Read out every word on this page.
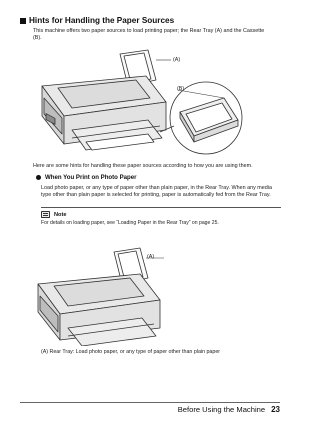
Hints for Handling the Paper Sources
This machine offers two paper sources to load printing paper; the Rear Tray (A) and the Cassette (B).
(A)
(B)
Here are some hints for handling these paper sources according to how you are using them.
When You Print on Photo Paper
Load photo paper, or any type of paper other than plain paper, in the Rear Tray. When any media type other than plain paper is selected for printing, paper is automatically fed from the Rear Tray.
Note
For details on loading paper, see “Loading Paper in the Rear Tray” on page 25.
(A)
(A) Rear Tray: Load photo paper, or any type of paper other than plain paper
Before Using the Machine 23
